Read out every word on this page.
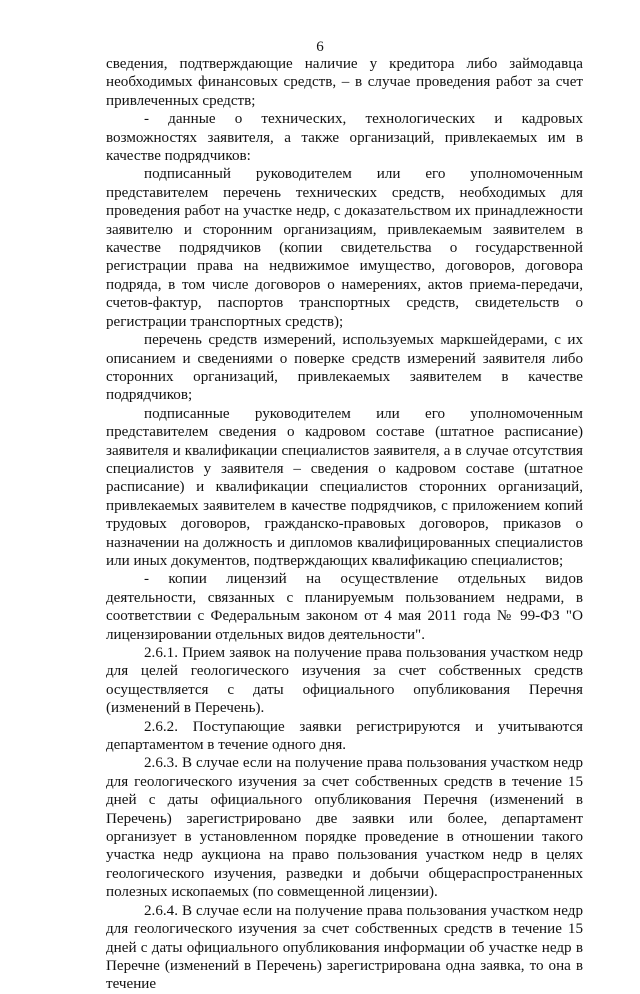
6

сведения, подтверждающие наличие у кредитора либо займодавца необходимых финансовых средств, – в случае проведения работ за счет привлеченных средств;

- данные о технических, технологических и кадровых возможностях заявителя, а также организаций, привлекаемых им в качестве подрядчиков:

подписанный руководителем или его уполномоченным представителем перечень технических средств, необходимых для проведения работ на участке недр, с доказательством их принадлежности заявителю и сторонним организациям, привлекаемым заявителем в качестве подрядчиков (копии свидетельства о государственной регистрации права на недвижимое имущество, договоров, договора подряда, в том числе договоров о намерениях, актов приема-передачи, счетов-фактур, паспортов транспортных средств, свидетельств о регистрации транспортных средств);

перечень средств измерений, используемых маркшейдерами, с их описанием и сведениями о поверке средств измерений заявителя либо сторонних организаций, привлекаемых заявителем в качестве подрядчиков;

подписанные руководителем или его уполномоченным представителем сведения о кадровом составе (штатное расписание) заявителя и квалификации специалистов заявителя, а в случае отсутствия специалистов у заявителя – сведения о кадровом составе (штатное расписание) и квалификации специалистов сторонних организаций, привлекаемых заявителем в качестве подрядчиков, с приложением копий трудовых договоров, гражданско-правовых договоров, приказов о назначении на должность и дипломов квалифицированных специалистов или иных документов, подтверждающих квалификацию специалистов;

- копии лицензий на осуществление отдельных видов деятельности, связанных с планируемым пользованием недрами, в соответствии с Федеральным законом от 4 мая 2011 года № 99-ФЗ "О лицензировании отдельных видов деятельности".

2.6.1. Прием заявок на получение права пользования участком недр для целей геологического изучения за счет собственных средств осуществляется с даты официального опубликования Перечня (изменений в Перечень).

2.6.2. Поступающие заявки регистрируются и учитываются департаментом в течение одного дня.

2.6.3. В случае если на получение права пользования участком недр для геологического изучения за счет собственных средств в течение 15 дней с даты официального опубликования Перечня (изменений в Перечень) зарегистрировано две заявки или более, департамент организует в установленном порядке проведение в отношении такого участка недр аукциона на право пользования участком недр в целях геологического изучения, разведки и добычи общераспространенных полезных ископаемых (по совмещенной лицензии).

2.6.4. В случае если на получение права пользования участком недр для геологического изучения за счет собственных средств в течение 15 дней с даты официального опубликования информации об участке недр в Перечне (изменений в Перечень) зарегистрирована одна заявка, то она в течение
